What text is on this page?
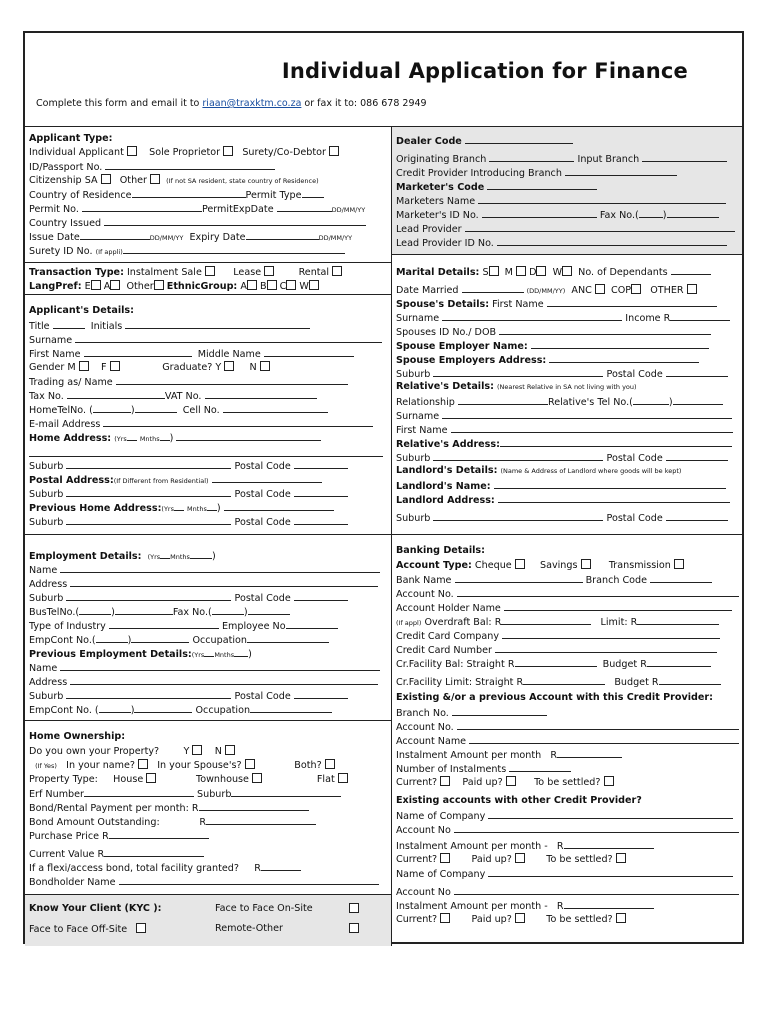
Individual Application for Finance
Complete this form and email it to riaan@traxktm.co.za or fax it to: 086 678 2949
Applicant Type:
Individual Applicant	Sole Proprietor Surety/Co-Debtor
ID/Passport No.
Citizenship SA Other	(If not SA resident, state country of Residence)
Country of Residence	Permit Type
Permit No.	PermitExpDate	DD/MM/YY
Country Issued
Issue Date	DD/MM/YY Expiry Date	DD/MM/YY
Surety ID No. (If appli)
Transaction Type: Instalment Sale	Lease	Rental
LangPref: E A Other EthnicGroup: A B C W
Applicant's Details:
Title	Initials
Surname
First Name	Middle Name
Gender M	F	Graduate? Y	N
Trading as/ Name
Tax No.	VAT No.
HomeTelNo. (	)	Cell No.
E-mail Address
Home Address: (Yrs Mnths )
Suburb	Postal Code
Postal Address:(If Different from Residential)
Suburb	Postal Code
Previous Home Address:(Yrs Mnths )
Suburb	Postal Code
Employment Details: (Yrs Mnths )
Name
Address
Suburb	Postal Code
BusTelNo.(	)	Fax No.(	)
Type of Industry	Employee No
EmpCont No.(	)	Occupation
Previous Employment Details:(Yrs Mnths )
Name
Address
Suburb	Postal Code
EmpCont No. (	)	Occupation
Home Ownership:
Do you own your Property?	Y	N
(If Yes) In your name? In your Spouse's?	Both?
Property Type: House	Townhouse	Flat
Erf Number	Suburb
Bond/Rental Payment per month: R
Bond Amount Outstanding:	R
Purchase Price R
Current Value R
If a flexi/access bond, total facility granted? R
Bondholder Name
Know Your Client (KYC ):	Face to Face On-Site
Face to Face Off-Site	Remote-Other
Dealer Code
Originating Branch	Input Branch
Credit Provider Introducing Branch
Marketer's Code
Marketers Name
Marketer's ID No.	Fax No.(	)
Lead Provider
Lead Provider ID No.
Marital Details: S M D W No. of Dependants
Date Married	(DD/MM/YY) ANC COP OTHER
Spouse's Details: First Name
Surname	Income R
Spouses ID No./ DOB
Spouse Employer Name:
Spouse Employers Address:
Suburb	Postal Code
Relative's Details: (Nearest Relative in SA not living with you)
Relationship	Relative's Tel No.(	)
Surname
First Name
Relative's Address:
Suburb	Postal Code
Landlord's Details: (Name & Address of Landlord where goods will be kept)
Landlord's Name:
Landlord Address:
Suburb	Postal Code
Banking Details:
Account Type: Cheque	Savings	Transmission
Bank Name	Branch Code
Account No.
Account Holder Name
(If appl) Overdraft Bal: R	Limit: R
Credit Card Company
Credit Card Number
Cr.Facility Bal: Straight R	Budget R
Cr.Facility Limit: Straight R	Budget R
Existing &/or a previous Account with this Credit Provider:
Branch No.
Account No.
Account Name
Instalment Amount per month R
Number of Instalments
Current?	Paid up?	To be settled?
Existing accounts with other Credit Provider?
Name of Company
Account No
Instalment Amount per month - R
Current?	Paid up?	To be settled?
Name of Company
Account No
Instalment Amount per month - R
Current?	Paid up?	To be settled?
